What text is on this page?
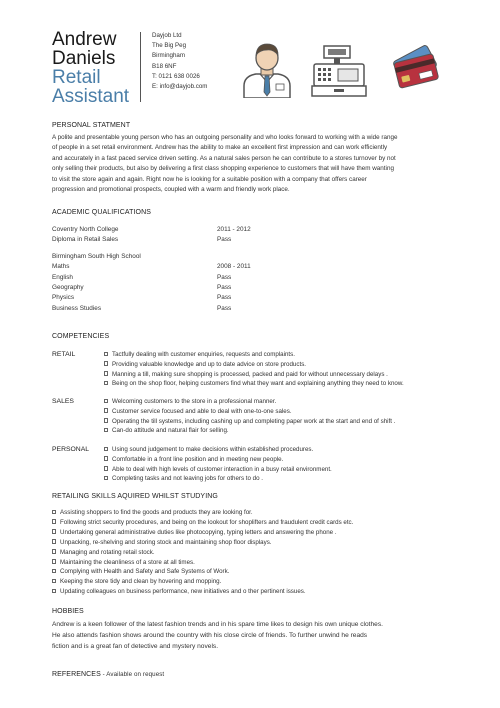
Andrew
Daniels
Retail
Assistant
Dayjob Ltd
The Big Peg
Birmingham
B18 6NF
T: 0121 638 0026
E: info@dayjob.com
PERSONAL STATMENT
A polite and presentable young person who has an outgoing personality and who looks forward to working with a wide range
of people in a set retail environment. Andrew has the ability to make an excellent first impression and can work efficiently
and accurately in a fast paced service driven setting. As a natural sales person he can contribute to a stores turnover by not
only selling their products, but also by delivering a first class shopping experience to customers that will have them wanting
to visit the store again and again. Right now he is looking for a suitable position with a company that offers career
progression and promotional prospects, coupled with a warm and friendly work place.
ACADEMIC QUALIFICATIONS
Coventry North College	2011 - 2012
Diploma in Retail Sales	Pass
Birmingham South High School
Maths	2008 - 2011
English	Pass
Geography	Pass
Physics	Pass
Business Studies	Pass
COMPETENCIES
RETAIL	Tactfully dealing with customer enquiries, requests and complaints.
Providing valuable knowledge and up to date advice on store products.
Manning a till, making sure shopping is processed, packed and paid for without unnecessary delays .
Being on the shop floor, helping customers find what they want and explaining anything they need to know.
SALES	Welcoming customers to the store in a professional manner.
Customer service focused and able to deal with one-to-one sales.
Operating the till systems, including cashing up and completing paper work at the start and end of shift .
Can-do attitude and natural flair for selling.
PERSONAL	Using sound judgement to make decisions within established procedures.
Comfortable in a front line position and in meeting new people.
Able to deal with high levels of customer interaction in a busy retail environment.
Completing tasks and not leaving jobs for others to do .
RETAILING SKILLS AQUIRED WHILST STUDYING
Assisting shoppers to find the goods and products they are looking for.
Following strict security procedures, and being on the lookout for shoplifters and fraudulent credit cards etc.
Undertaking general administrative duties like photocopying, typing letters and answering the phone .
Unpacking, re-shelving and storing stock and maintaining shop floor displays.
Managing and rotating retail stock.
Maintaining the cleanliness of a store at all times.
Complying with Health and Safety and Safe Systems of Work.
Keeping the store tidy and clean by hovering and mopping.
Updating colleagues on business performance, new initiatives and o ther pertinent issues.
HOBBIES
Andrew is a keen follower of the latest fashion trends and in his spare time likes to design his own unique clothes.
He also attends fashion shows around the country with his close circle of friends. To further unwind he reads
fiction and is a great fan of detective and mystery novels.
REFERENCES - Available on request
